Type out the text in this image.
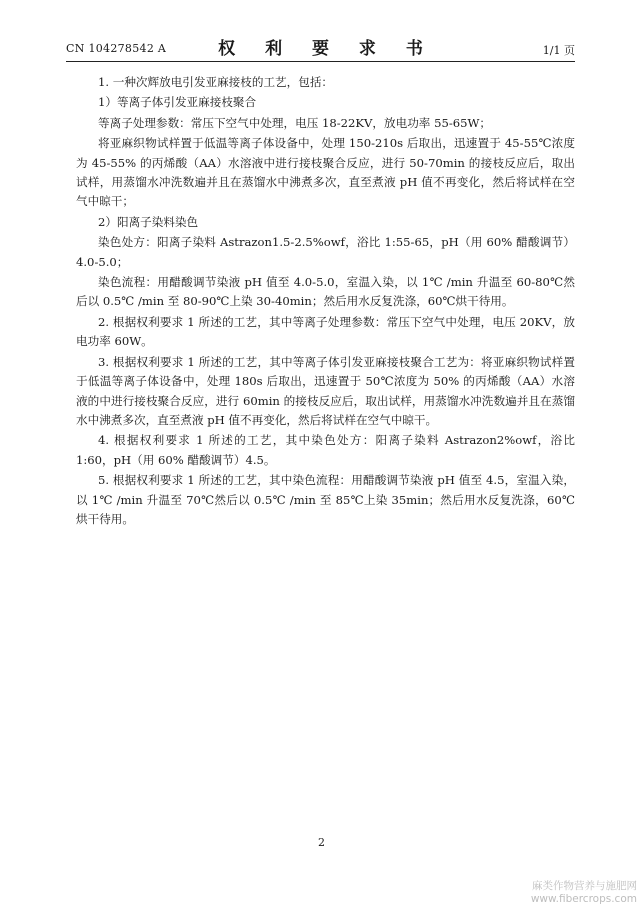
CN 104278542 A	权 利 要 求 书	1/1 页

1. 一种次辉放电引发亚麻接枝的工艺，包括：

1）等离子体引发亚麻接枝聚合

等离子处理参数：常压下空气中处理，电压 18-22KV，放电功率 55-65W；

将亚麻织物试样置于低温等离子体设备中，处理 150-210s 后取出，迅速置于 45-55℃浓度为 45-55% 的丙烯酸（AA）水溶液中进行接枝聚合反应，进行 50-70min 的接枝反应后，取出试样，用蒸馏水冲洗数遍并且在蒸馏水中沸煮多次，直至煮液 pH 值不再变化，然后将试样在空气中晾干；

2）阳离子染料染色

染色处方：阳离子染料 Astrazon1.5-2.5%owf，浴比 1:55-65，pH（用 60% 醋酸调节）4.0-5.0；

染色流程：用醋酸调节染液 pH 值至 4.0-5.0，室温入染，以 1℃ /min 升温至 60-80℃然后以 0.5℃ /min 至 80-90℃上染 30-40min；然后用水反复洗涤，60℃烘干待用。

2. 根据权利要求 1 所述的工艺，其中等离子处理参数：常压下空气中处理，电压 20KV，放电功率 60W。

3. 根据权利要求 1 所述的工艺，其中等离子体引发亚麻接枝聚合工艺为：将亚麻织物试样置于低温等离子体设备中，处理 180s 后取出，迅速置于 50℃浓度为 50% 的丙烯酸（AA）水溶液的中进行接枝聚合反应，进行 60min 的接枝反应后，取出试样，用蒸馏水冲洗数遍并且在蒸馏水中沸煮多次，直至煮液 pH 值不再变化，然后将试样在空气中晾干。

4. 根据权利要求 1 所述的工艺，其中染色处方：阳离子染料 Astrazon2%owf，浴比 1:60，pH（用 60% 醋酸调节）4.5。

5. 根据权利要求 1 所述的工艺，其中染色流程：用醋酸调节染液 pH 值至 4.5，室温入染，以 1℃ /min 升温至 70℃然后以 0.5℃ /min 至 85℃上染 35min；然后用水反复洗涤，60℃烘干待用。

2
麻类作物营养与施肥网
www.fibercrops.com
